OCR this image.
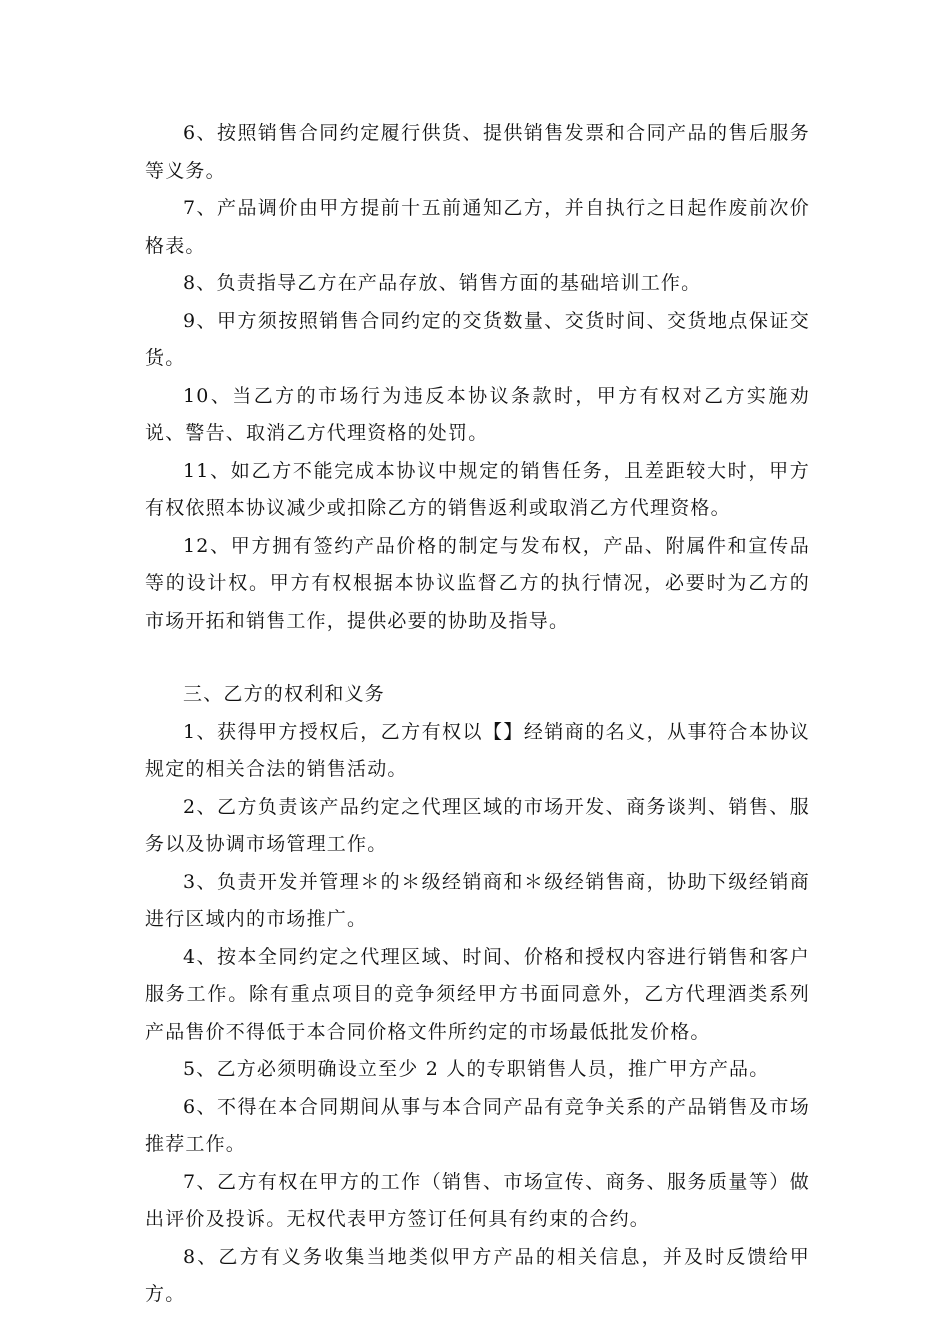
6、按照销售合同约定履行供货、提供销售发票和合同产品的售后服务等义务。

7、产品调价由甲方提前十五前通知乙方，并自执行之日起作废前次价格表。

8、负责指导乙方在产品存放、销售方面的基础培训工作。

9、甲方须按照销售合同约定的交货数量、交货时间、交货地点保证交货。

10、当乙方的市场行为违反本协议条款时，甲方有权对乙方实施劝说、警告、取消乙方代理资格的处罚。

11、如乙方不能完成本协议中规定的销售任务，且差距较大时，甲方有权依照本协议减少或扣除乙方的销售返利或取消乙方代理资格。

12、甲方拥有签约产品价格的制定与发布权，产品、附属件和宣传品等的设计权。甲方有权根据本协议监督乙方的执行情况，必要时为乙方的市场开拓和销售工作，提供必要的协助及指导。

三、乙方的权利和义务

1、获得甲方授权后，乙方有权以【】经销商的名义，从事符合本协议规定的相关合法的销售活动。

2、乙方负责该产品约定之代理区域的市场开发、商务谈判、销售、服务以及协调市场管理工作。

3、负责开发并管理＊的＊级经销商和＊级经销售商，协助下级经销商进行区域内的市场推广。

4、按本全同约定之代理区域、时间、价格和授权内容进行销售和客户服务工作。除有重点项目的竞争须经甲方书面同意外，乙方代理酒类系列产品售价不得低于本合同价格文件所约定的市场最低批发价格。

5、乙方必须明确设立至少 2 人的专职销售人员，推广甲方产品。

6、不得在本合同期间从事与本合同产品有竞争关系的产品销售及市场推荐工作。

7、乙方有权在甲方的工作（销售、市场宣传、商务、服务质量等）做出评价及投诉。无权代表甲方签订任何具有约束的合约。

8、乙方有义务收集当地类似甲方产品的相关信息，并及时反馈给甲方。
